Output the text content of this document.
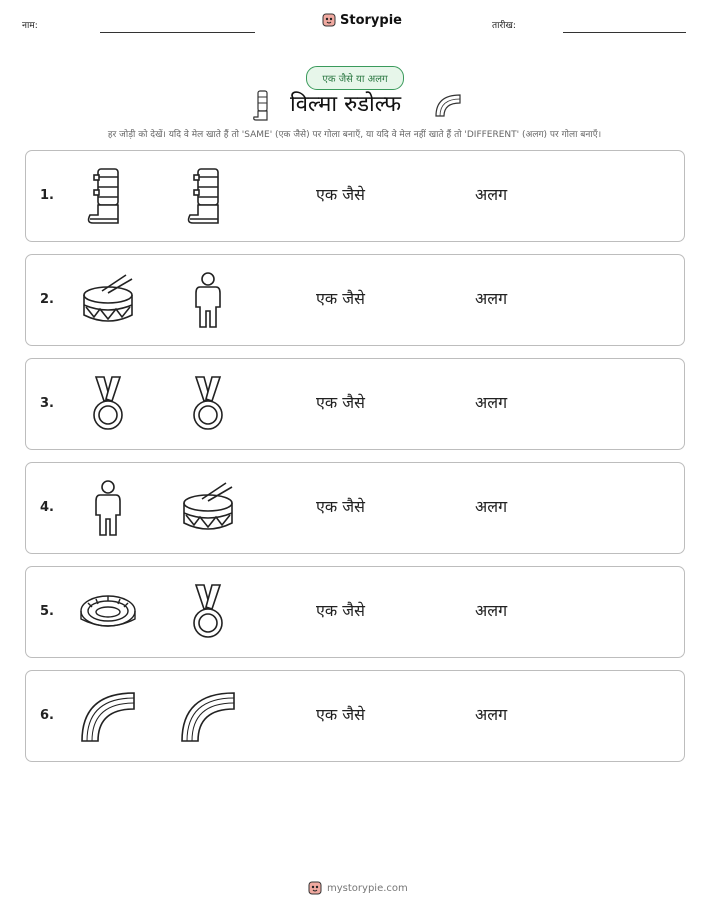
नाम:	Storypie	तारीख:
एक जैसे या अलग
विल्मा रुडोल्फ
हर जोड़ी को देखें। यदि वे मेल खाते हैं तो 'SAME' (एक जैसे) पर गोला बनाएँ, या यदि वे मेल नहीं खाते हैं तो 'DIFFERENT' (अलग) पर गोला बनाएँ।
1.	एक जैसे	अलग
2.	एक जैसे	अलग
3.	एक जैसे	अलग
4.	एक जैसे	अलग
5.	एक जैसे	अलग
6.	एक जैसे	अलग
mystorypie.com
